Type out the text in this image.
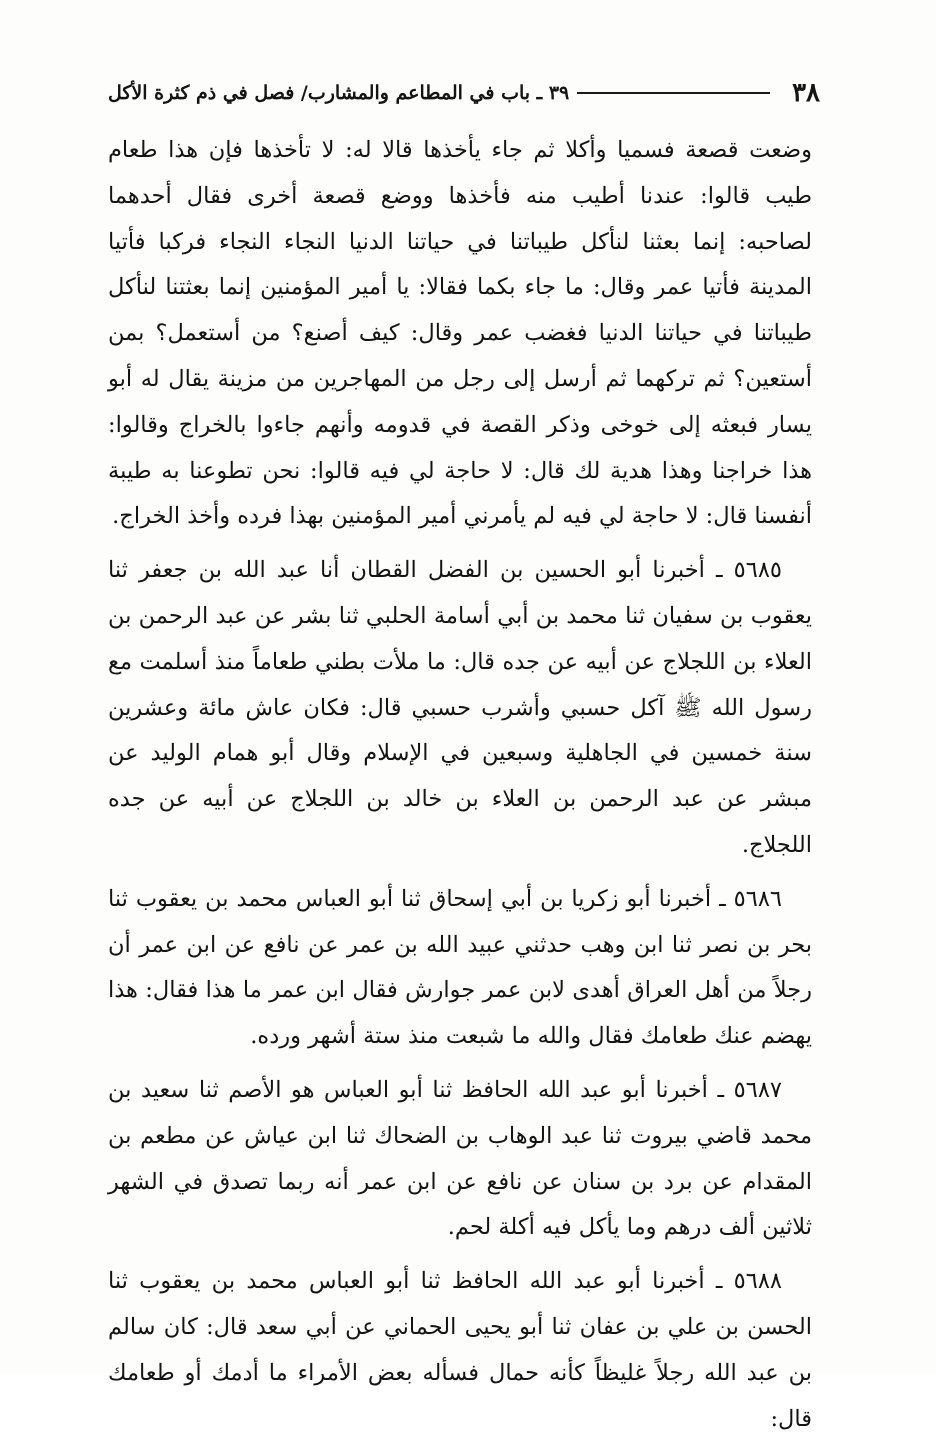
٣٨
٣٩ ـ باب في المطاعم والمشارب/ فصل في ذم كثرة الأكل

وضعت قصعة فسميا وأكلا ثم جاء يأخذها قالا له: لا تأخذها فإن هذا طعام طيب قالوا: عندنا أطيب منه فأخذها ووضع قصعة أخرى فقال أحدهما لصاحبه: إنما بعثنا لنأكل طيباتنا في حياتنا الدنيا النجاء النجاء فركبا فأتيا المدينة فأتيا عمر وقال: ما جاء بكما فقالا: يا أمير المؤمنين إنما بعثتنا لنأكل طيباتنا في حياتنا الدنيا فغضب عمر وقال: كيف أصنع؟ من أستعمل؟ بمن أستعين؟ ثم تركهما ثم أرسل إلى رجل من المهاجرين من مزينة يقال له أبو يسار فبعثه إلى خوخى وذكر القصة في قدومه وأنهم جاءوا بالخراج وقالوا: هذا خراجنا وهذا هدية لك قال: لا حاجة لي فيه قالوا: نحن تطوعنا به طيبة أنفسنا قال: لا حاجة لي فيه لم يأمرني أمير المؤمنين بهذا فرده وأخذ الخراج.

٥٦٨٥ ـ أخبرنا أبو الحسين بن الفضل القطان أنا عبد الله بن جعفر ثنا يعقوب بن سفيان ثنا محمد بن أبي أسامة الحلبي ثنا بشر عن عبد الرحمن بن العلاء بن اللجلاج عن أبيه عن جده قال: ما ملأت بطني طعاماً منذ أسلمت مع رسول الله ﷺ آكل حسبي وأشرب حسبي قال: فكان عاش مائة وعشرين سنة خمسين في الجاهلية وسبعين في الإسلام وقال أبو همام الوليد عن مبشر عن عبد الرحمن بن العلاء بن خالد بن اللجلاج عن أبيه عن جده اللجلاج.

٥٦٨٦ ـ أخبرنا أبو زكريا بن أبي إسحاق ثنا أبو العباس محمد بن يعقوب ثنا بحر بن نصر ثنا ابن وهب حدثني عبيد الله بن عمر عن نافع عن ابن عمر أن رجلاً من أهل العراق أهدى لابن عمر جوارش فقال ابن عمر ما هذا فقال: هذا يهضم عنك طعامك فقال والله ما شبعت منذ ستة أشهر ورده.

٥٦٨٧ ـ أخبرنا أبو عبد الله الحافظ ثنا أبو العباس هو الأصم ثنا سعيد بن محمد قاضي بيروت ثنا عبد الوهاب بن الضحاك ثنا ابن عياش عن مطعم بن المقدام عن برد بن سنان عن نافع عن ابن عمر أنه ربما تصدق في الشهر ثلاثين ألف درهم وما يأكل فيه أكلة لحم.

٥٦٨٨ ـ أخبرنا أبو عبد الله الحافظ ثنا أبو العباس محمد بن يعقوب ثنا الحسن بن علي بن عفان ثنا أبو يحيى الحماني عن أبي سعد قال: كان سالم بن عبد الله رجلاً غليظاً كأنه حمال فسأله بعض الأمراء ما أدمك أو طعامك قال:
